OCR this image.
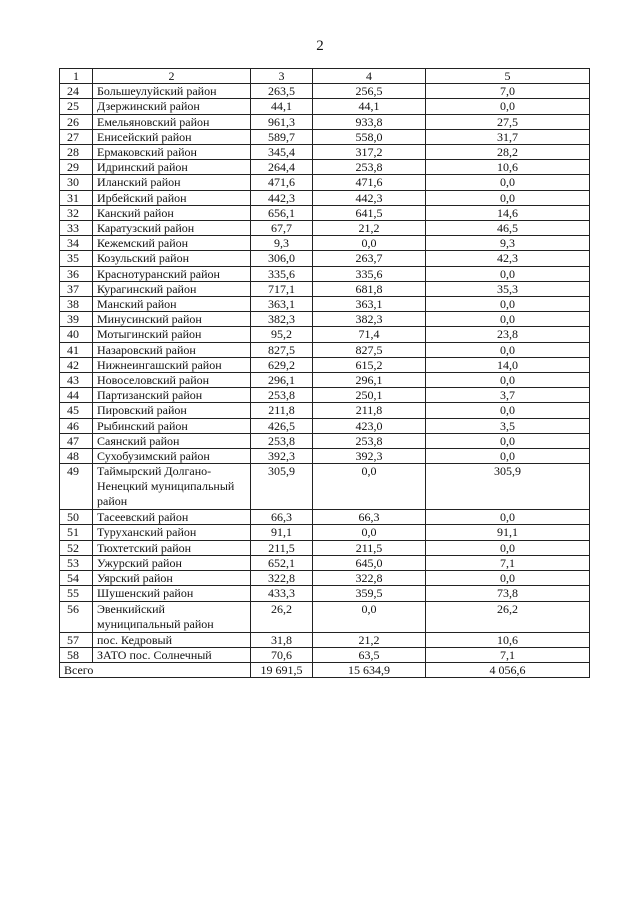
2
1	2	3	4	5
24	Большеулуйский район	263,5	256,5	7,0
25	Дзержинский район	44,1	44,1	0,0
26	Емельяновский район	961,3	933,8	27,5
27	Енисейский район	589,7	558,0	31,7
28	Ермаковский район	345,4	317,2	28,2
29	Идринский район	264,4	253,8	10,6
30	Иланский район	471,6	471,6	0,0
31	Ирбейский район	442,3	442,3	0,0
32	Канский район	656,1	641,5	14,6
33	Каратузский район	67,7	21,2	46,5
34	Кежемский район	9,3	0,0	9,3
35	Козульский район	306,0	263,7	42,3
36	Краснотуранский район	335,6	335,6	0,0
37	Курагинский район	717,1	681,8	35,3
38	Манский район	363,1	363,1	0,0
39	Минусинский район	382,3	382,3	0,0
40	Мотыгинский район	95,2	71,4	23,8
41	Назаровский район	827,5	827,5	0,0
42	Нижнеингашский район	629,2	615,2	14,0
43	Новоселовский район	296,1	296,1	0,0
44	Партизанский район	253,8	250,1	3,7
45	Пировский район	211,8	211,8	0,0
46	Рыбинский район	426,5	423,0	3,5
47	Саянский район	253,8	253,8	0,0
48	Сухобузимский район	392,3	392,3	0,0
49	Таймырский Долгано-Ненецкий муниципальный район	305,9	0,0	305,9
50	Тасеевский район	66,3	66,3	0,0
51	Туруханский район	91,1	0,0	91,1
52	Тюхтетский район	211,5	211,5	0,0
53	Ужурский район	652,1	645,0	7,1
54	Уярский район	322,8	322,8	0,0
55	Шушенский район	433,3	359,5	73,8
56	Эвенкийский муниципальный район	26,2	0,0	26,2
57	пос. Кедровый	31,8	21,2	10,6
58	ЗАТО пос. Солнечный	70,6	63,5	7,1
Всего		19 691,5	15 634,9	4 056,6
